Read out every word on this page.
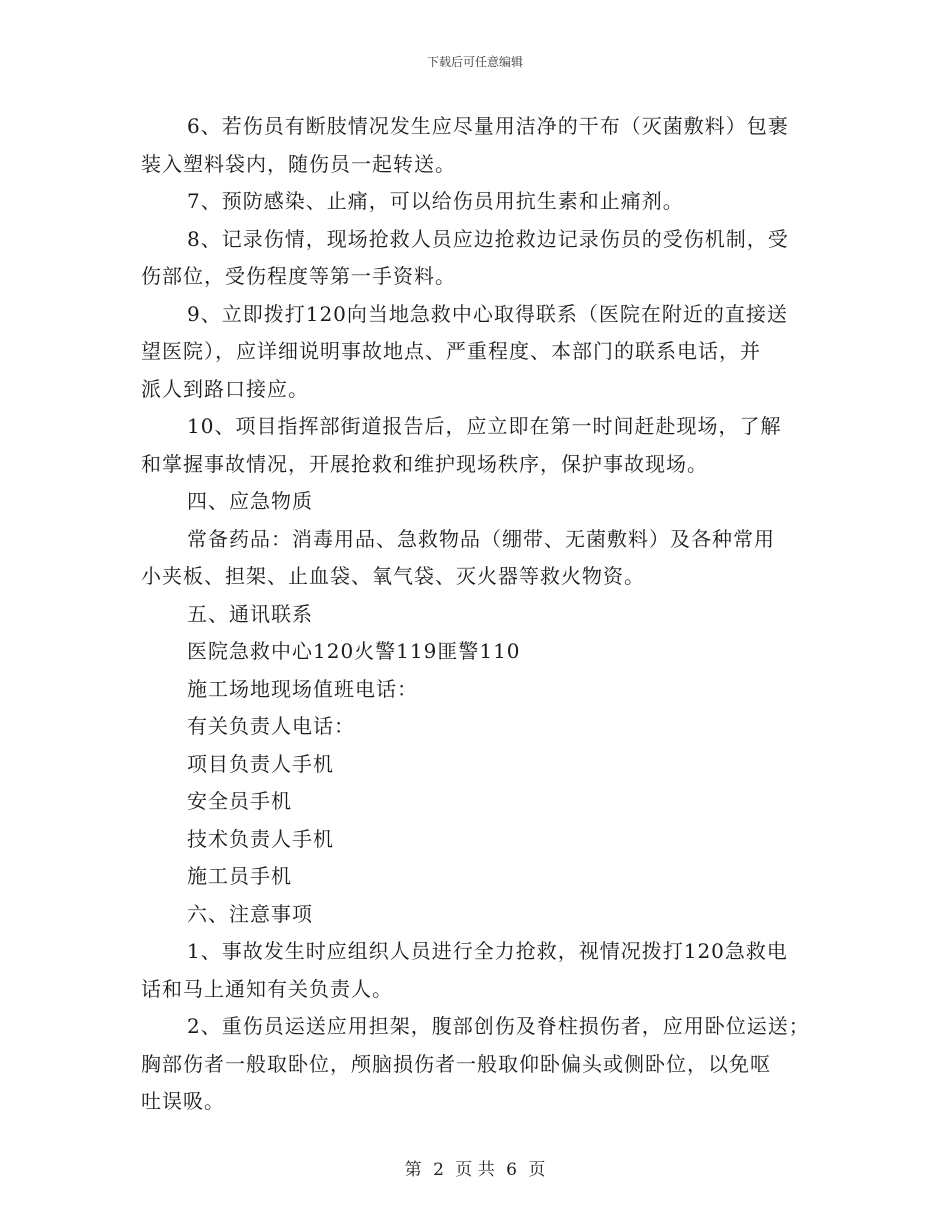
下载后可任意编辑
6、若伤员有断肢情况发生应尽量用洁净的干布（灭菌敷料）包裹
装入塑料袋内，随伤员一起转送。
7、预防感染、止痛，可以给伤员用抗生素和止痛剂。
8、记录伤情，现场抢救人员应边抢救边记录伤员的受伤机制，受
伤部位，受伤程度等第一手资料。
9、立即拨打120向当地急救中心取得联系（医院在附近的直接送
望医院），应详细说明事故地点、严重程度、本部门的联系电话，并
派人到路口接应。
10、项目指挥部街道报告后，应立即在第一时间赶赴现场，了解
和掌握事故情况，开展抢救和维护现场秩序，保护事故现场。
四、应急物质
常备药品：消毒用品、急救物品（绷带、无菌敷料）及各种常用
小夹板、担架、止血袋、氧气袋、灭火器等救火物资。
五、通讯联系
医院急救中心120火警119匪警110
施工场地现场值班电话：
有关负责人电话：
项目负责人手机
安全员手机
技术负责人手机
施工员手机
六、注意事项
1、事故发生时应组织人员进行全力抢救，视情况拨打120急救电
话和马上通知有关负责人。
2、重伤员运送应用担架，腹部创伤及脊柱损伤者，应用卧位运送；
胸部伤者一般取卧位，颅脑损伤者一般取仰卧偏头或侧卧位，以免呕
吐误吸。
第 2 页 共 6 页
